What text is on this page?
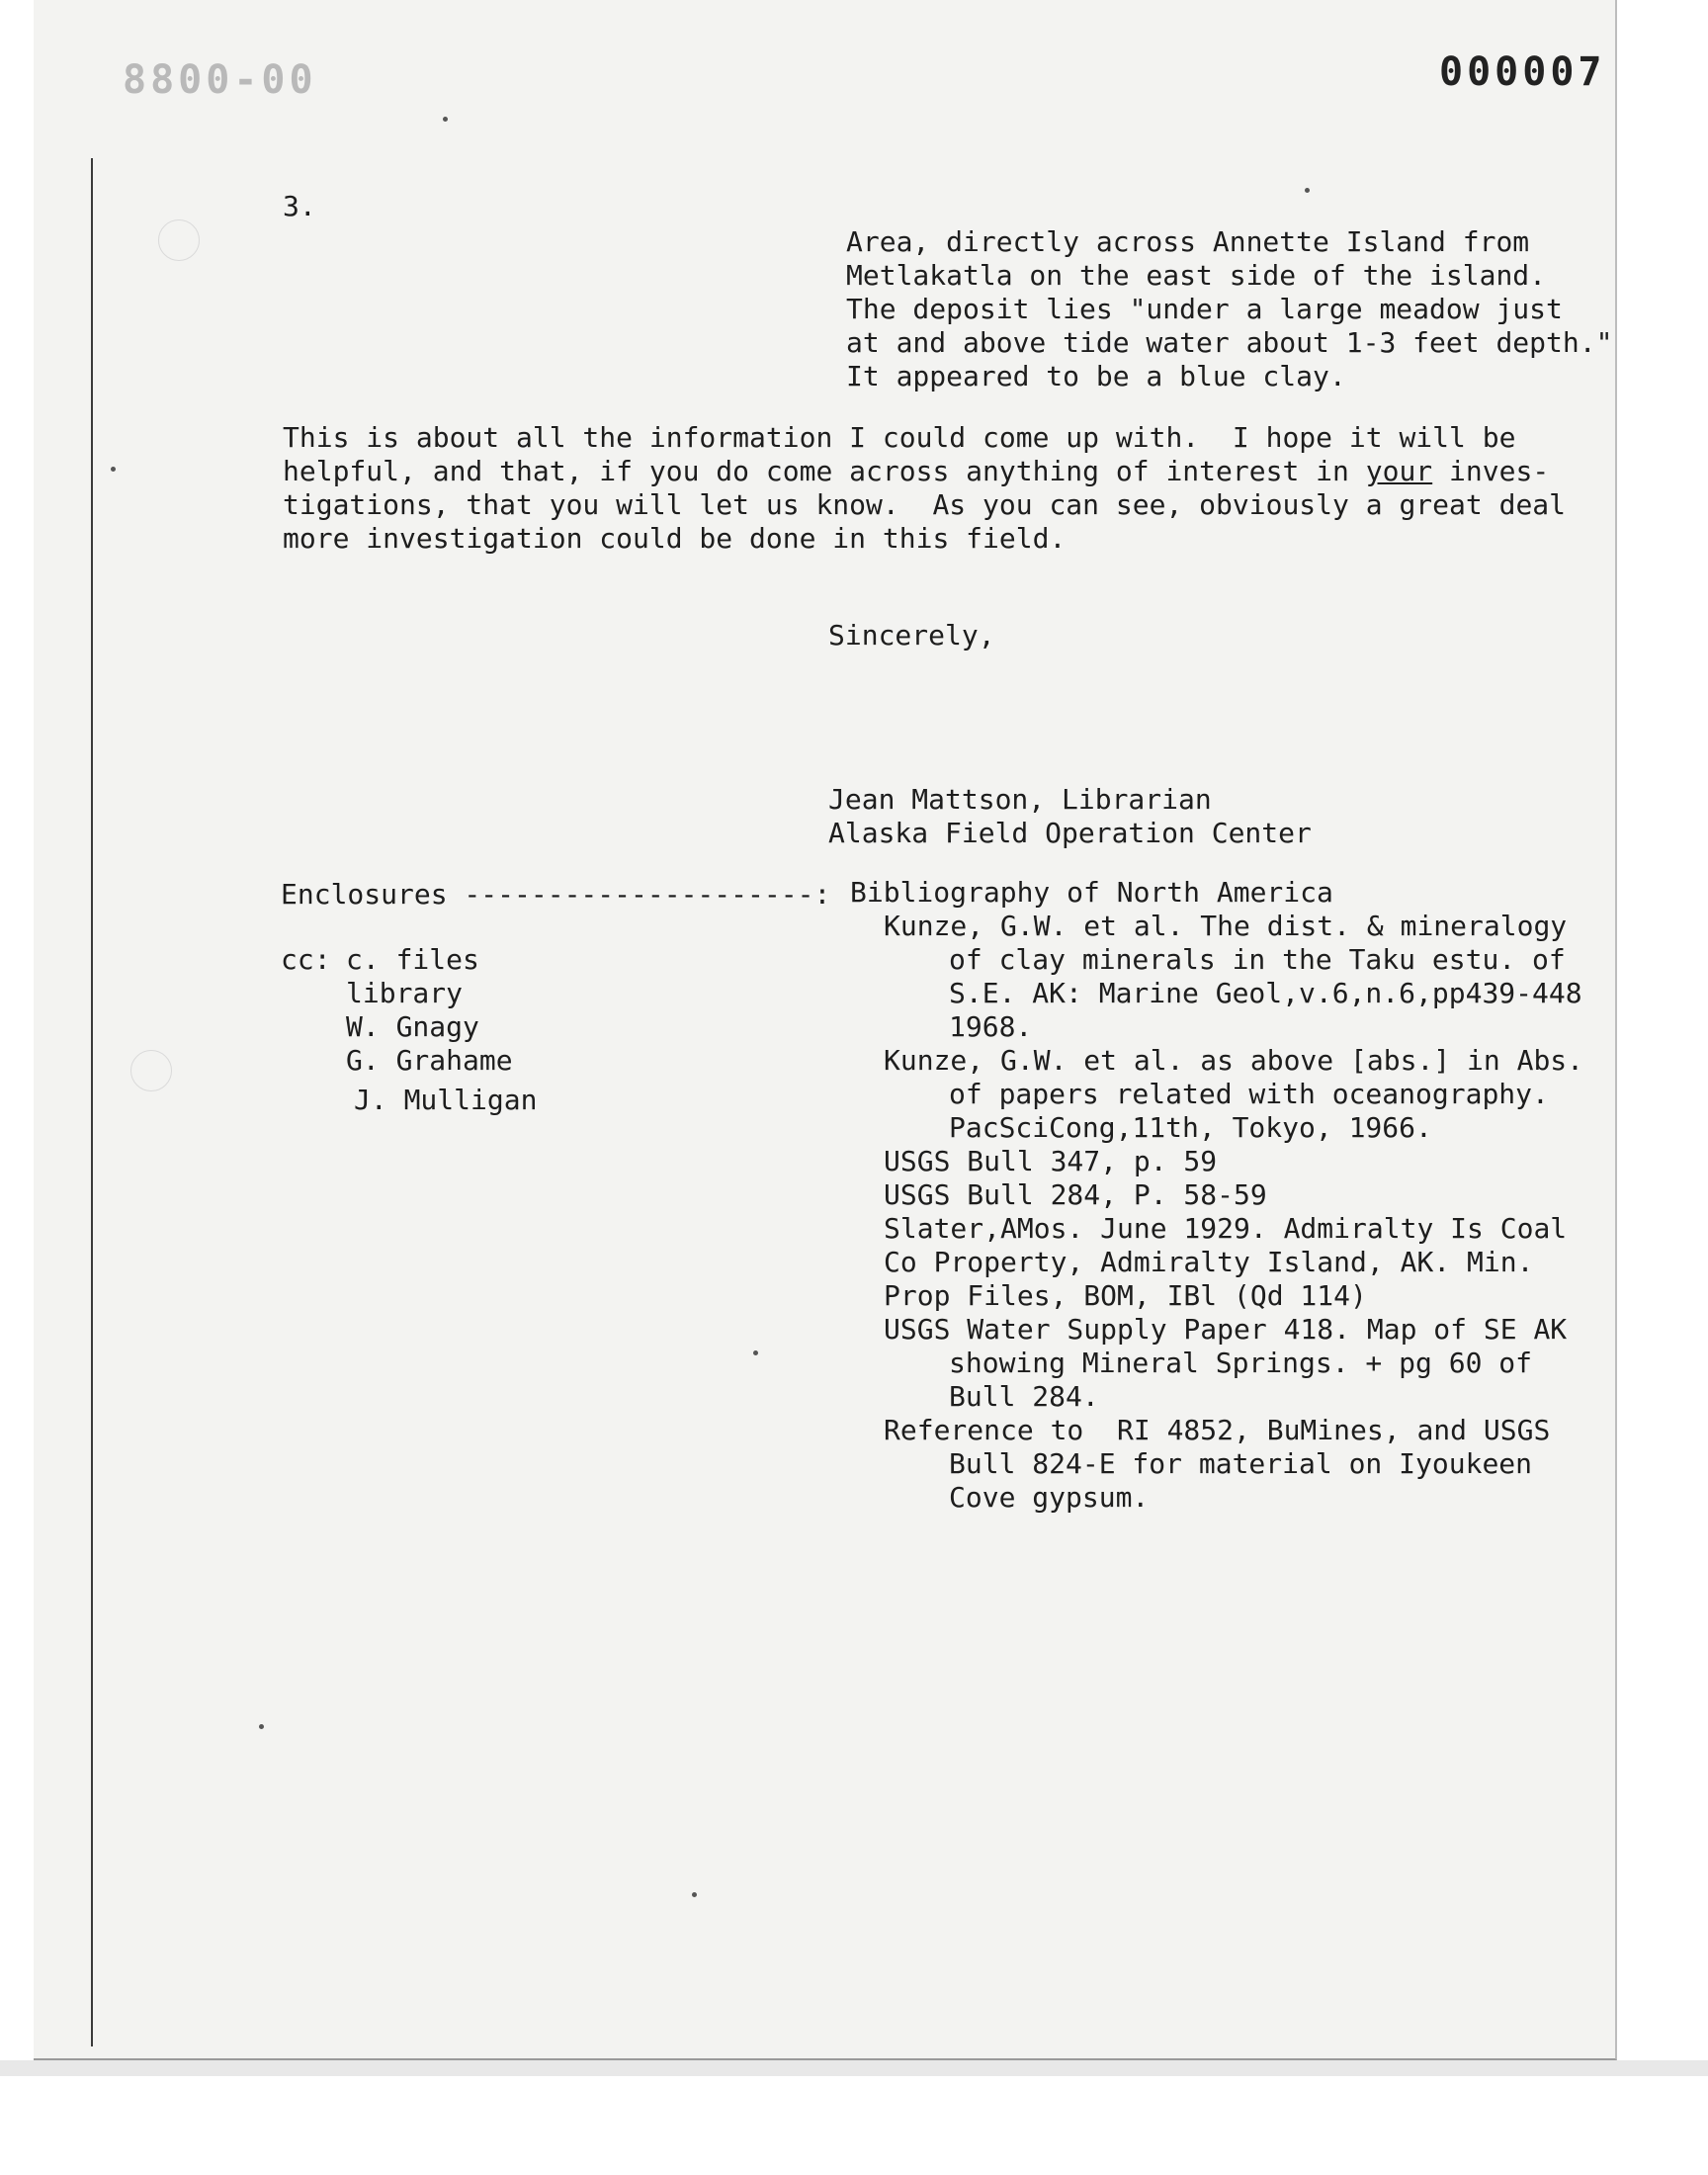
8800-00	000007
3.
Area, directly across Annette Island from
Metlakatla on the east side of the island.
The deposit lies "under a large meadow just
at and above tide water about 1-3 feet depth."
It appeared to be a blue clay.
This is about all the information I could come up with.  I hope it will be
helpful, and that, if you do come across anything of interest in your inves-
tigations, that you will let us know.  As you can see, obviously a great deal
more investigation could be done in this field.
Sincerely,
Jean Mattson, Librarian
Alaska Field Operation Center
Enclosures ---------------------: Bibliography of North America
Kunze, G.W. et al. The dist. & mineralogy
of clay minerals in the Taku estu. of
S.E. AK: Marine Geol,v.6,n.6,pp439-448
1968.
Kunze, G.W. et al. as above [abs.] in Abs.
of papers related with oceanography.
PacSciCong,11th, Tokyo, 1966.
USGS Bull 347, p. 59
USGS Bull 284, P. 58-59
Slater,AMos. June 1929. Admiralty Is Coal
Co Property, Admiralty Island, AK. Min.
Prop Files, BOM, IBl (Qd 114)
USGS Water Supply Paper 418. Map of SE AK
showing Mineral Springs. + pg 60 of
Bull 284.
Reference to  RI 4852, BuMines, and USGS
Bull 824-E for material on Iyoukeen
Cove gypsum.
cc: c. files
library
W. Gnagy
G. Grahame
J. Mulligan
